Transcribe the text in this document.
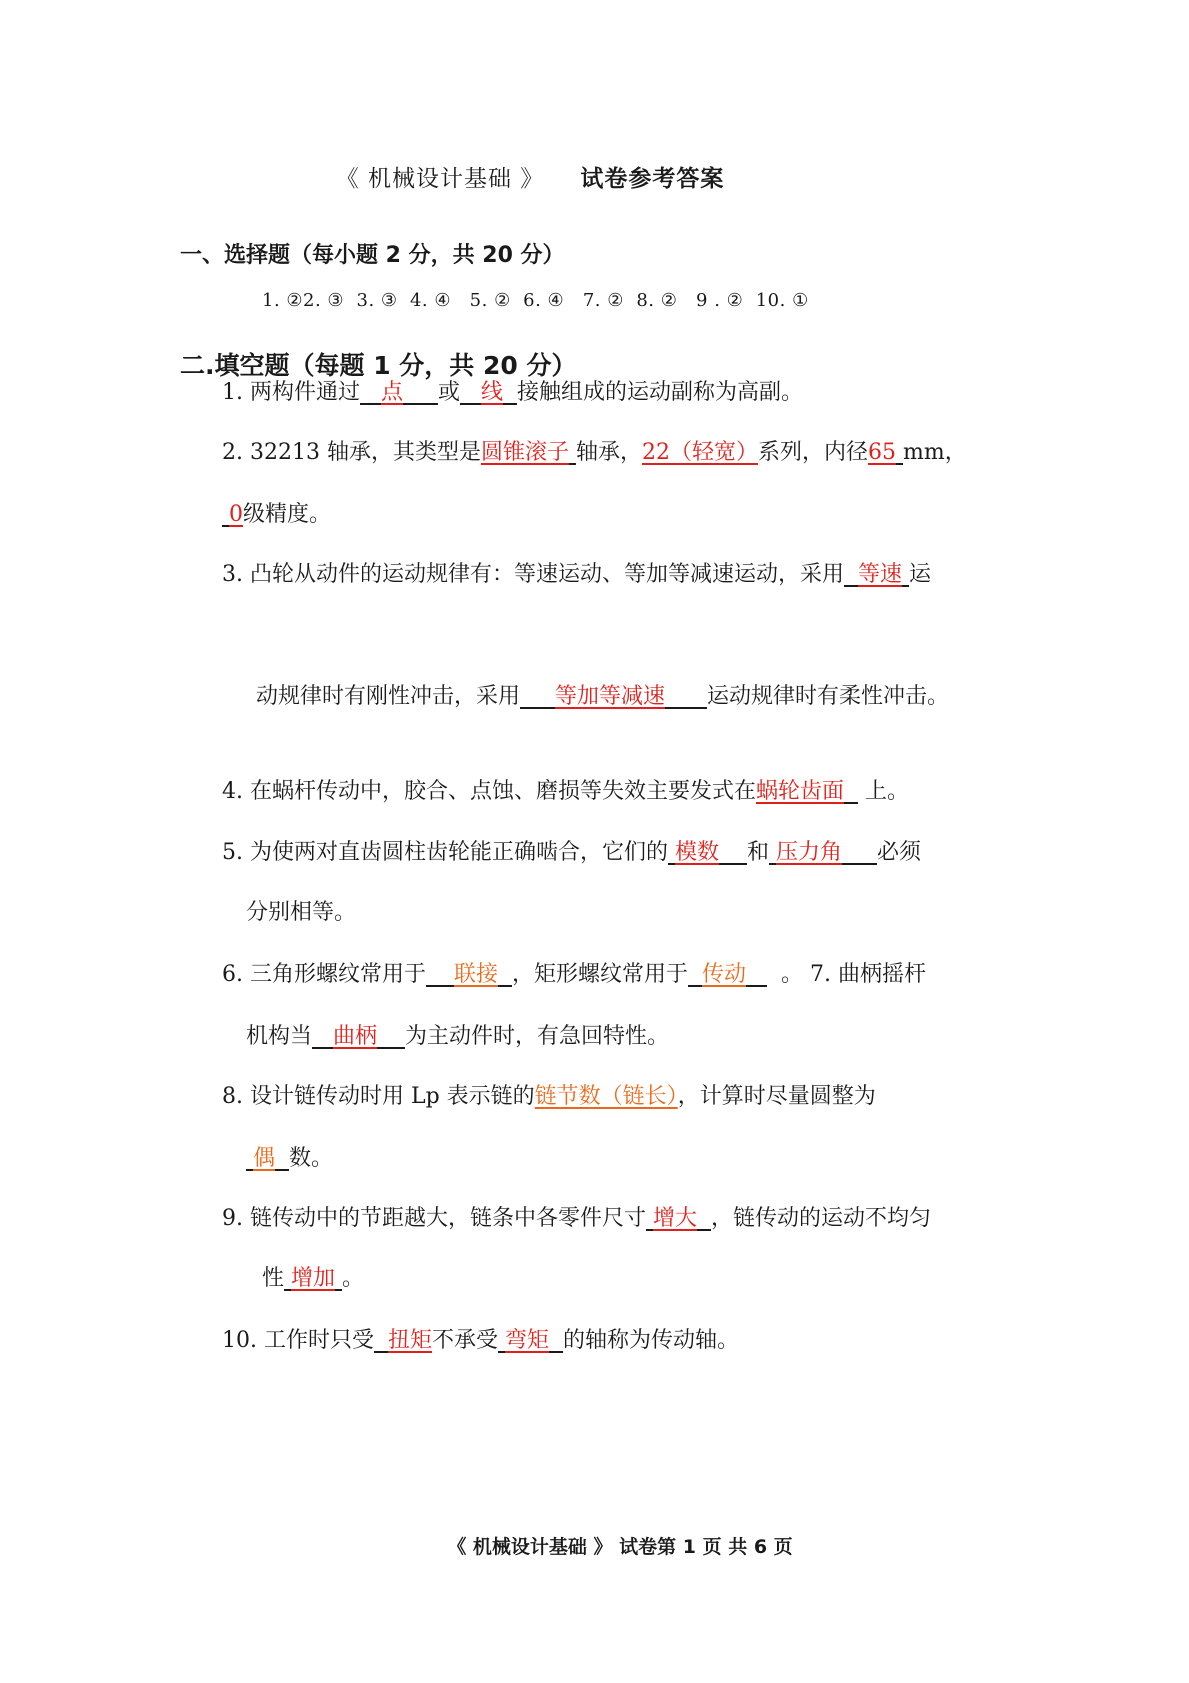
《 机械设计基础 》 试卷参考答案
一、选择题（每小题 2 分，共 20 分）
1. ②2. ③  3. ③  4. ④   5. ②  6. ④   7. ②  8. ②   9 . ②  10. ①
二.填空题（每题 1 分，共 20 分）
1. 两构件通过 点 或 线 接触组成的运动副称为高副。
2. 32213 轴承，其类型是圆锥滚子 轴承，22（轻宽）系列，内径65 mm，
0级精度。
3. 凸轮从动件的运动规律有：等速运动、等加等减速运动，采用 等速 运
动规律时有刚性冲击，采用 等加等减速 运动规律时有柔性冲击。
4. 在蜗杆传动中，胶合、点蚀、磨损等失效主要发式在蜗轮齿面 上。
5. 为使两对直齿圆柱齿轮能正确啮合，它们的 模数 和 压力角 必须
分别相等。
6. 三角形螺纹常用于 联接 ，矩形螺纹常用于 传动 。 7. 曲柄摇杆
机构当 曲柄 为主动件时，有急回特性。
8. 设计链传动时用 Lp 表示链的链节数（链长），计算时尽量圆整为
偶 数。
9. 链传动中的节距越大，链条中各零件尺寸 增大 ，链传动的运动不均匀
性 增加 。
10. 工作时只受 扭矩不承受 弯矩 的轴称为传动轴。
《 机械设计基础 》 试卷第 1 页 共 6 页
